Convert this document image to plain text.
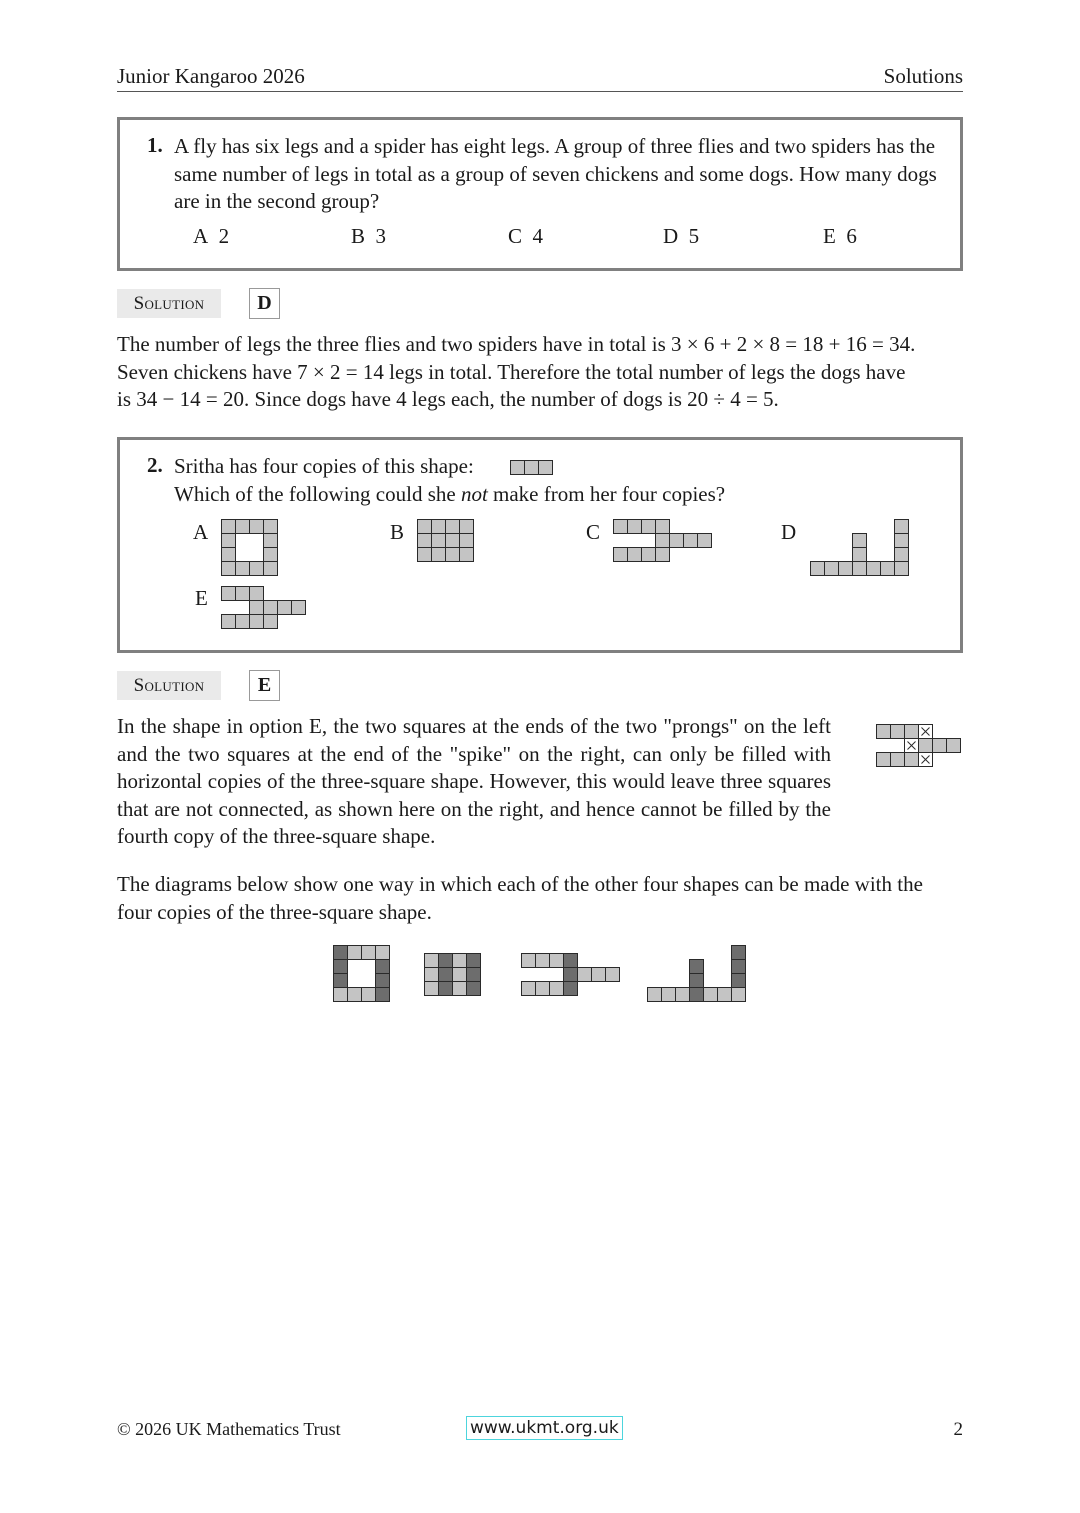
Junior Kangaroo 2026	Solutions
1. A fly has six legs and a spider has eight legs. A group of three flies and two spiders has the same number of legs in total as a group of seven chickens and some dogs. How many dogs are in the second group?
A 2	B 3	C 4	D 5	E 6
Solution	D
The number of legs the three flies and two spiders have in total is 3 × 6 + 2 × 8 = 18 + 16 = 34.
Seven chickens have 7 × 2 = 14 legs in total. Therefore the total number of legs the dogs have
is 34 − 14 = 20. Since dogs have 4 legs each, the number of dogs is 20 ÷ 4 = 5.
2. Sritha has four copies of this shape:
Which of the following could she not make from her four copies?
A	B	C	D
E
Solution	E
In the shape in option E, the two squares at the ends of the two "prongs" on the left and the two squares at the end of the "spike" on the right, can only be filled with horizontal copies of the three-square shape. However, this would leave three squares that are not connected, as shown here on the right, and hence cannot be filled by the fourth copy of the three-square shape.
The diagrams below show one way in which each of the other four shapes can be made with the four copies of the three-square shape.
© 2026 UK Mathematics Trust	www.ukmt.org.uk	2
